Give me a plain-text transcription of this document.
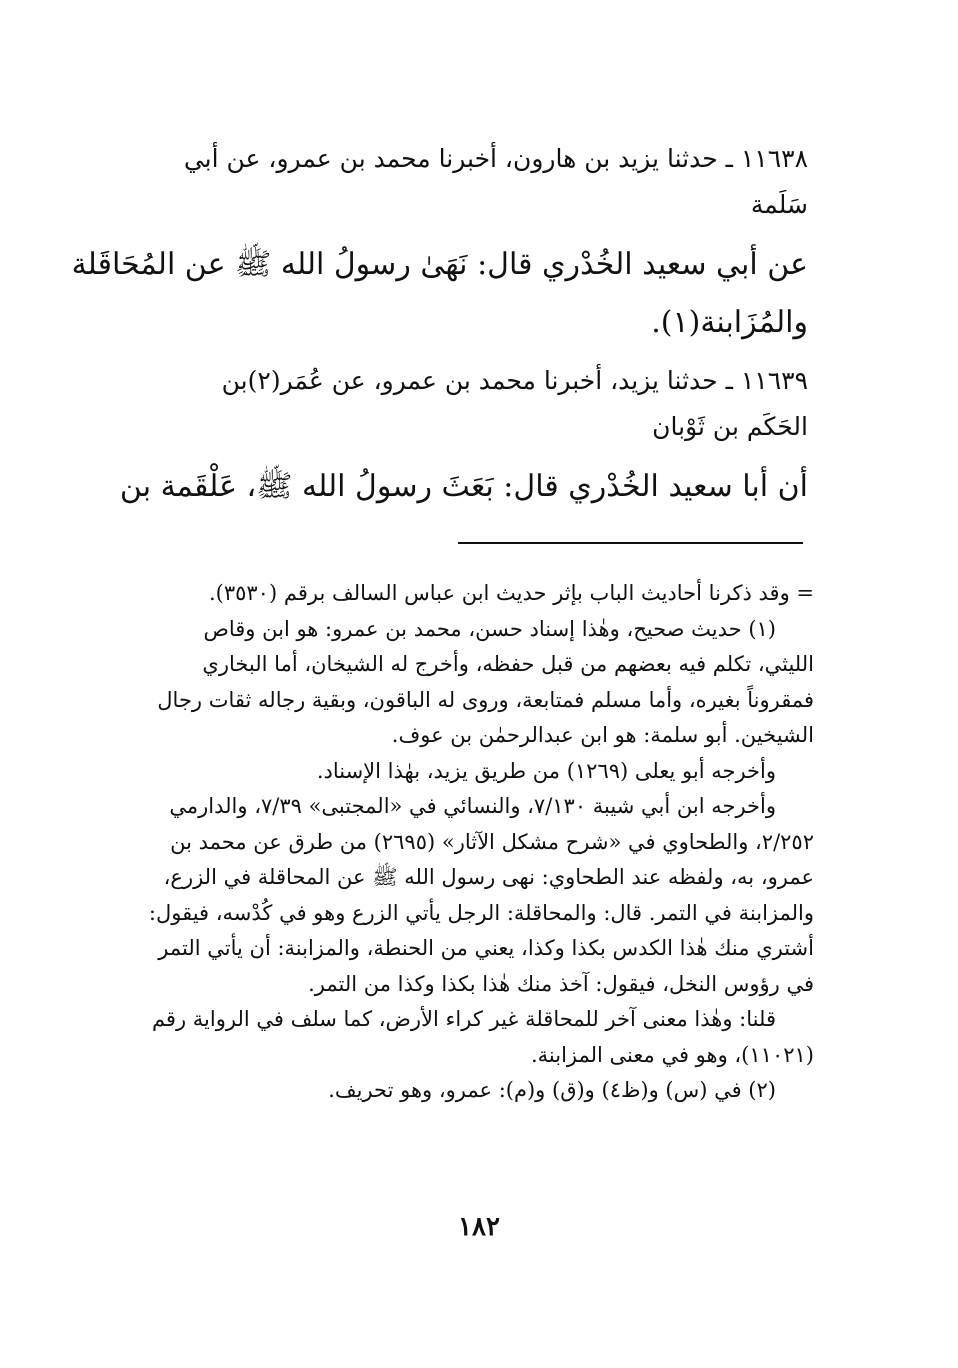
١١٦٣٨ ـ حدثنا يزيد بن هارون، أخبرنا محمد بن عمرو، عن أبي
سَلَمة
عن أبي سعيد الخُدْري قال: نَهَىٰ رسولُ الله ﷺ عن المُحَاقَلة
والمُزَابنة(١).
١١٦٣٩ ـ حدثنا يزيد، أخبرنا محمد بن عمرو، عن عُمَر(٢)بن
الحَكَم بن ثَوْبان
أن أبا سعيد الخُدْري قال: بَعَثَ رسولُ الله ﷺ، عَلْقَمة بن
= وقد ذكرنا أحاديث الباب بإثر حديث ابن عباس السالف برقم (٣٥٣٠).
(١) حديث صحيح، وهٰذا إسناد حسن، محمد بن عمرو: هو ابن وقاص
الليثي، تكلم فيه بعضهم من قبل حفظه، وأخرج له الشيخان، أما البخاري
فمقروناً بغيره، وأما مسلم فمتابعة، وروى له الباقون، وبقية رجاله ثقات رجال
الشيخين. أبو سلمة: هو ابن عبدالرحمٰن بن عوف.
وأخرجه أبو يعلى (١٢٦٩) من طريق يزيد، بهٰذا الإسناد.
وأخرجه ابن أبي شيبة ٧/١٣٠، والنسائي في «المجتبى» ٧/٣٩، والدارمي
٢/٢٥٢، والطحاوي في «شرح مشكل الآثار» (٢٦٩٥) من طرق عن محمد بن
عمرو، به، ولفظه عند الطحاوي: نهى رسول الله ﷺ عن المحاقلة في الزرع،
والمزابنة في التمر. قال: والمحاقلة: الرجل يأتي الزرع وهو في كُدْسه، فيقول:
أشتري منك هٰذا الكدس بكذا وكذا، يعني من الحنطة، والمزابنة: أن يأتي التمر
في رؤوس النخل، فيقول: آخذ منك هٰذا بكذا وكذا من التمر.
قلنا: وهٰذا معنى آخر للمحاقلة غير كراء الأرض، كما سلف في الرواية رقم
(١١٠٢١)، وهو في معنى المزابنة.
(٢) في (س) و(ظ٤) و(ق) و(م): عمرو، وهو تحريف.
١٨٢
